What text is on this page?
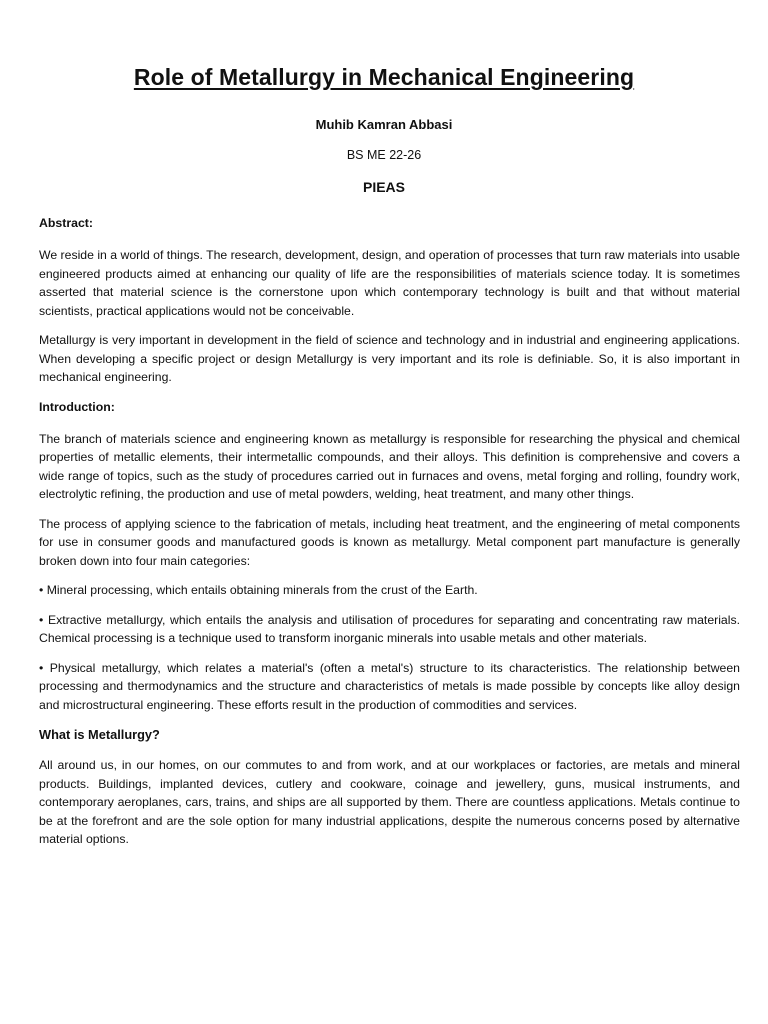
Role of Metallurgy in Mechanical Engineering
Muhib Kamran Abbasi
BS ME 22-26
PIEAS
Abstract:

We reside in a world of things. The research, development, design, and operation of processes that turn raw materials into usable engineered products aimed at enhancing our quality of life are the responsibilities of materials science today. It is sometimes asserted that material science is the cornerstone upon which contemporary technology is built and that without material scientists, practical applications would not be conceivable.

Metallurgy is very important in development in the field of science and technology and in industrial and engineering applications. When developing a specific project or design Metallurgy is very important and its role is definiable. So, it is also important in mechanical engineering.

Introduction:

The branch of materials science and engineering known as metallurgy is responsible for researching the physical and chemical properties of metallic elements, their intermetallic compounds, and their alloys. This definition is comprehensive and covers a wide range of topics, such as the study of procedures carried out in furnaces and ovens, metal forging and rolling, foundry work, electrolytic refining, the production and use of metal powders, welding, heat treatment, and many other things.

The process of applying science to the fabrication of metals, including heat treatment, and the engineering of metal components for use in consumer goods and manufactured goods is known as metallurgy. Metal component part manufacture is generally broken down into four main categories:

• Mineral processing, which entails obtaining minerals from the crust of the Earth.

• Extractive metallurgy, which entails the analysis and utilisation of procedures for separating and concentrating raw materials. Chemical processing is a technique used to transform inorganic minerals into usable metals and other materials.

• Physical metallurgy, which relates a material's (often a metal's) structure to its characteristics. The relationship between processing and thermodynamics and the structure and characteristics of metals is made possible by concepts like alloy design and microstructural engineering. These efforts result in the production of commodities and services.

What is Metallurgy?

All around us, in our homes, on our commutes to and from work, and at our workplaces or factories, are metals and mineral products. Buildings, implanted devices, cutlery and cookware, coinage and jewellery, guns, musical instruments, and contemporary aeroplanes, cars, trains, and ships are all supported by them. There are countless applications. Metals continue to be at the forefront and are the sole option for many industrial applications, despite the numerous concerns posed by alternative material options.
